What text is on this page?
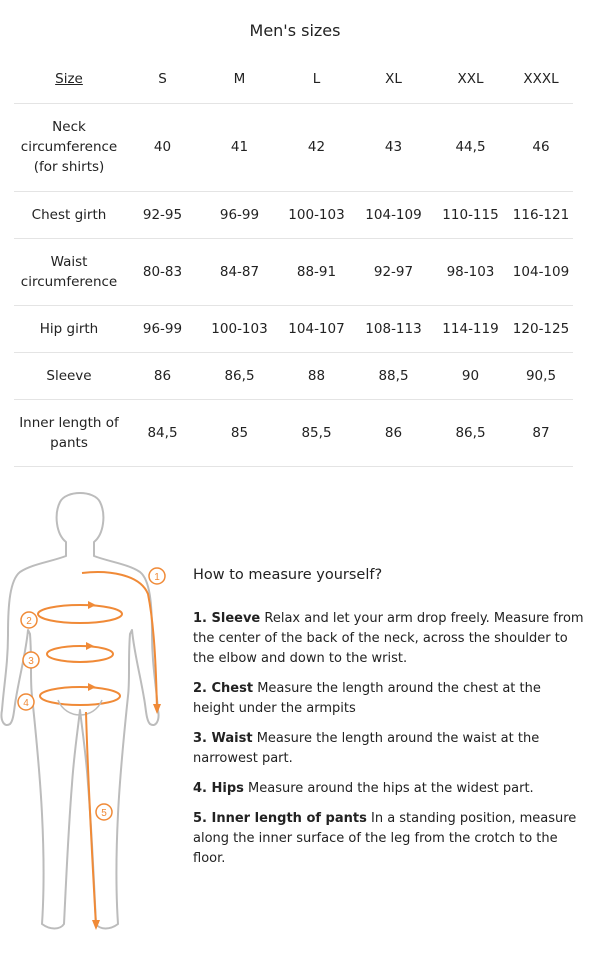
Men's sizes
Size	S	M	L	XL	XXL	XXXL
Neck circumference (for shirts)	40	41	42	43	44,5	46
Chest girth	92-95	96-99	100-103	104-109	110-115	116-121
Waist circumference	80-83	84-87	88-91	92-97	98-103	104-109
Hip girth	96-99	100-103	104-107	108-113	114-119	120-125
Sleeve	86	86,5	88	88,5	90	90,5
Inner length of pants	84,5	85	85,5	86	86,5	87
1
2
3
4
5
How to measure yourself?

1. Sleeve Relax and let your arm drop freely. Measure from the center of the back of the neck, across the shoulder to the elbow and down to the wrist.

2. Chest Measure the length around the chest at the height under the armpits

3. Waist Measure the length around the waist at the narrowest part.

4. Hips Measure around the hips at the widest part.

5. Inner length of pants In a standing position, measure along the inner surface of the leg from the crotch to the floor.
